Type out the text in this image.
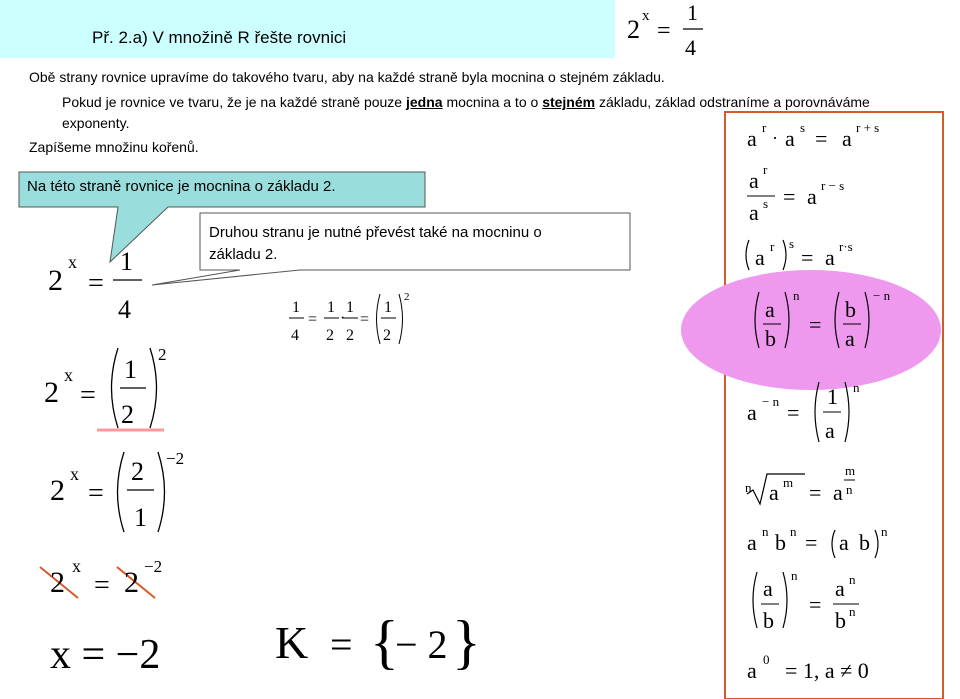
Př. 2.a) V množině R řešte rovnici	2 x
=
1
4
Obě strany rovnice upravíme do takového tvaru, aby na každé straně byla mocnina o stejném základu.
Pokud je rovnice ve tvaru, že je na každé straně pouze jedna mocnina a to o stejném základu, základ odstraníme a porovnáváme
exponenty.
Zapíšeme množinu kořenů.
Na této straně rovnice je mocnina o základu 2.
Druhou stranu je nutné převést také na mocninu o
základu 2.
2
x
=
1
4
2
x
=
1
2
2
2 x
=
2
1
−2
2 x
= 2 −2
x = −2
1
4
=
1
2
·
1
2
=
1
2
2
K = {
− 2 }
a r
· a s = a r + s
a r
a s = a r − s
a r s
= a r·s
a
b
n
=
b
a
− n
a − n =
1
a
n
n a m = a
m
n
a n b n = a b n
a
b
n
=
a n
b n
a 0 = 1, a ≠ 0
